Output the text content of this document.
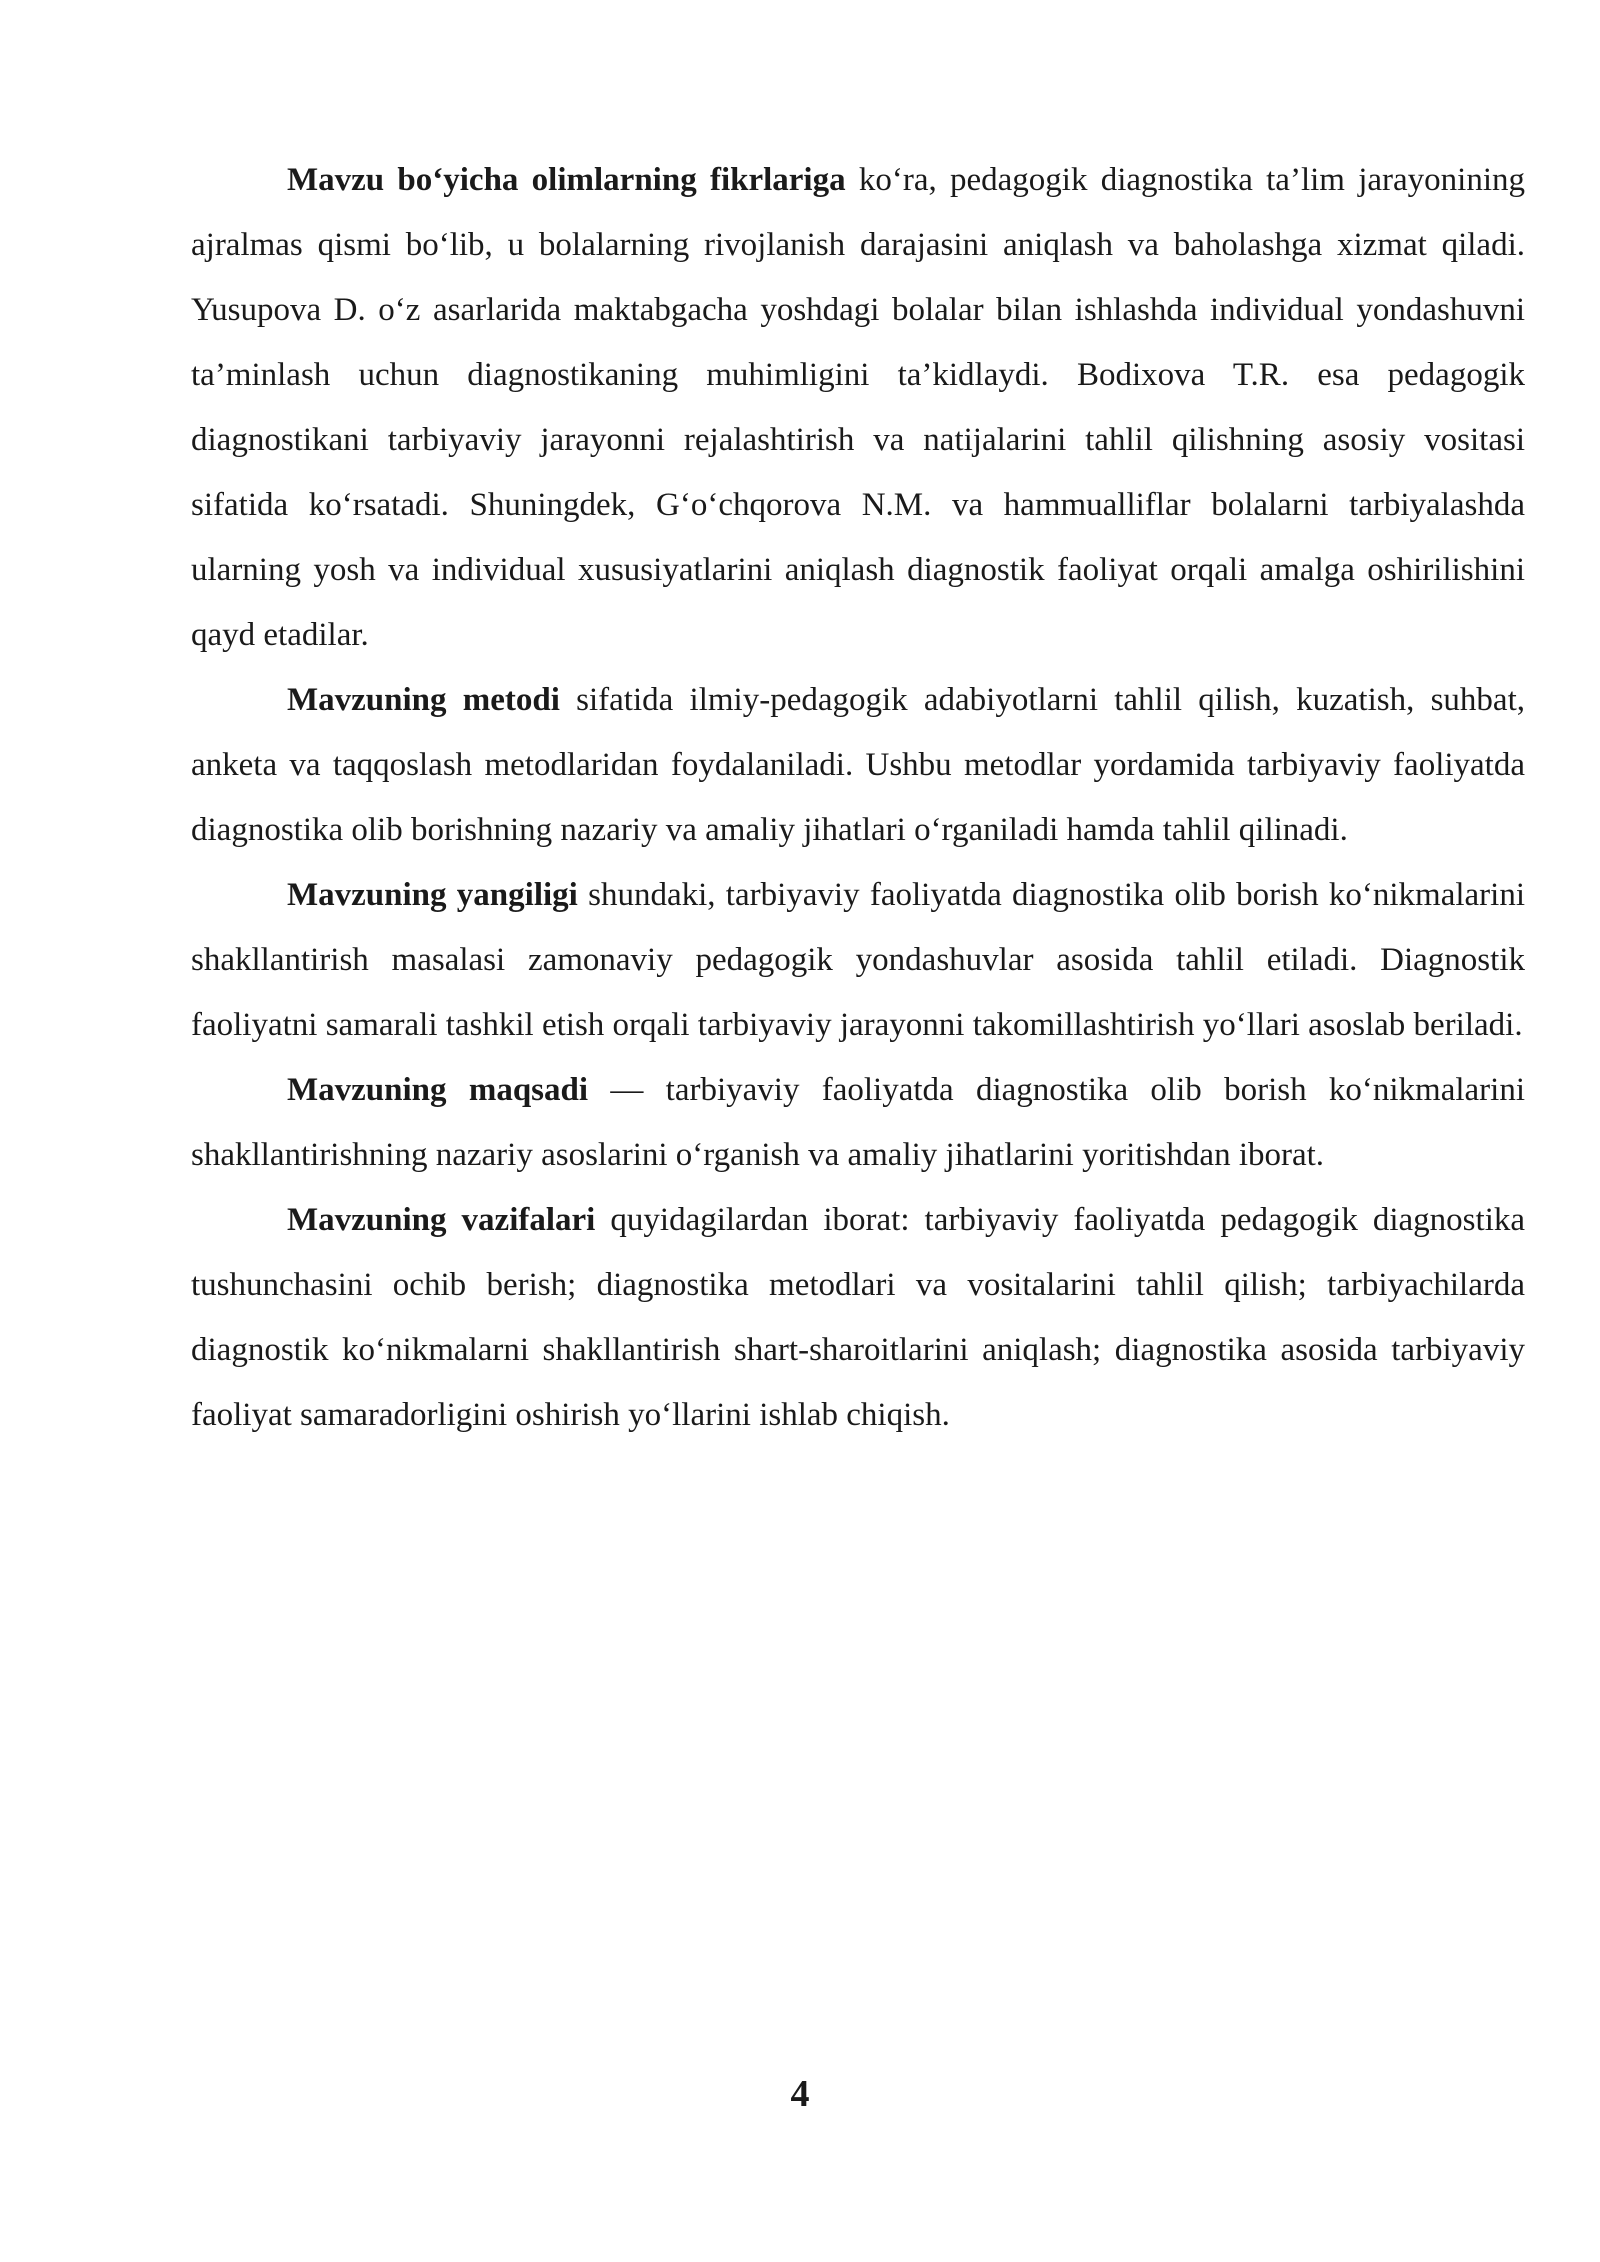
Mavzu bo‘yicha olimlarning fikrlariga ko‘ra, pedagogik diagnostika ta’lim jarayonining ajralmas qismi bo‘lib, u bolalarning rivojlanish darajasini aniqlash va baholashga xizmat qiladi. Yusupova D. o‘z asarlarida maktabgacha yoshdagi bolalar bilan ishlashda individual yondashuvni ta’minlash uchun diagnostikaning muhimligini ta’kidlaydi. Bodixova T.R. esa pedagogik diagnostikani tarbiyaviy jarayonni rejalashtirish va natijalarini tahlil qilishning asosiy vositasi sifatida ko‘rsatadi. Shuningdek, G‘o‘chqorova N.M. va hammualliflar bolalarni tarbiyalashda ularning yosh va individual xususiyatlarini aniqlash diagnostik faoliyat orqali amalga oshirilishini qayd etadilar.

Mavzuning metodi sifatida ilmiy-pedagogik adabiyotlarni tahlil qilish, kuzatish, suhbat, anketa va taqqoslash metodlaridan foydalaniladi. Ushbu metodlar yordamida tarbiyaviy faoliyatda diagnostika olib borishning nazariy va amaliy jihatlari o‘rganiladi hamda tahlil qilinadi.

Mavzuning yangiligi shundaki, tarbiyaviy faoliyatda diagnostika olib borish ko‘nikmalarini shakllantirish masalasi zamonaviy pedagogik yondashuvlar asosida tahlil etiladi. Diagnostik faoliyatni samarali tashkil etish orqali tarbiyaviy jarayonni takomillashtirish yo‘llari asoslab beriladi.

Mavzuning maqsadi — tarbiyaviy faoliyatda diagnostika olib borish ko‘nikmalarini shakllantirishning nazariy asoslarini o‘rganish va amaliy jihatlarini yoritishdan iborat.

Mavzuning vazifalari quyidagilardan iborat: tarbiyaviy faoliyatda pedagogik diagnostika tushunchasini ochib berish; diagnostika metodlari va vositalarini tahlil qilish; tarbiyachilarda diagnostik ko‘nikmalarni shakllantirish shart-sharoitlarini aniqlash; diagnostika asosida tarbiyaviy faoliyat samaradorligini oshirish yo‘llarini ishlab chiqish.

4
